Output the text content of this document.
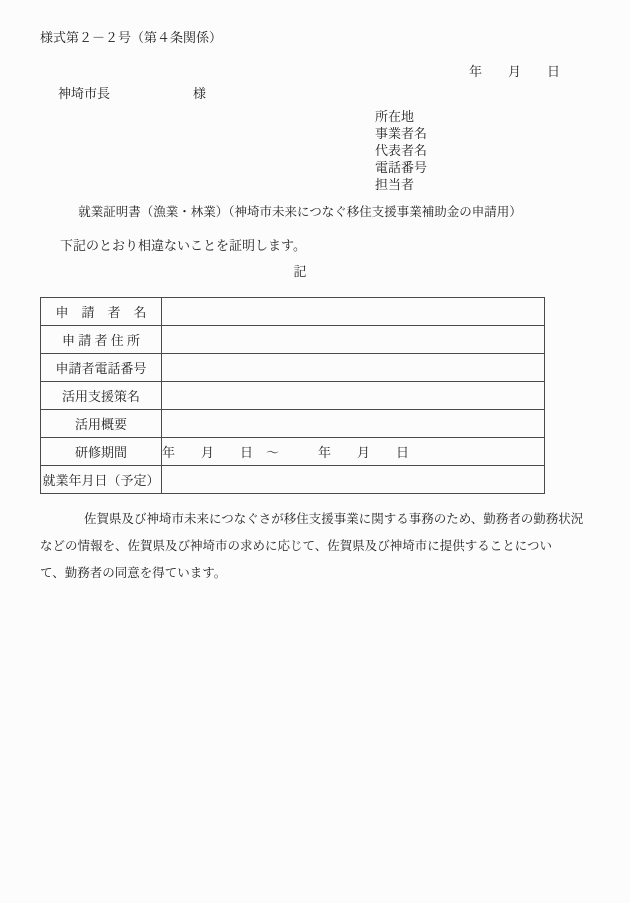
様式第２－２号（第４条関係）
年　　月　　日
神埼市長	様
所在地
事業者名
代表者名
電話番号
担当者
就業証明書（漁業・林業）（神埼市未来につなぐ移住支援事業補助金の申請用）
下記のとおり相違ないことを証明します。
記
申　請　者　名	
申 請 者 住 所	
申請者電話番号	
活用支援策名	
活用概要	
研修期間	年　　月　　日　～　　　年　　月　　日
就業年月日（予定）	
佐賀県及び神埼市未来につなぐさが移住支援事業に関する事務のため、勤務者の勤務状況
などの情報を、佐賀県及び神埼市の求めに応じて、佐賀県及び神埼市に提供することについ
て、勤務者の同意を得ています。
